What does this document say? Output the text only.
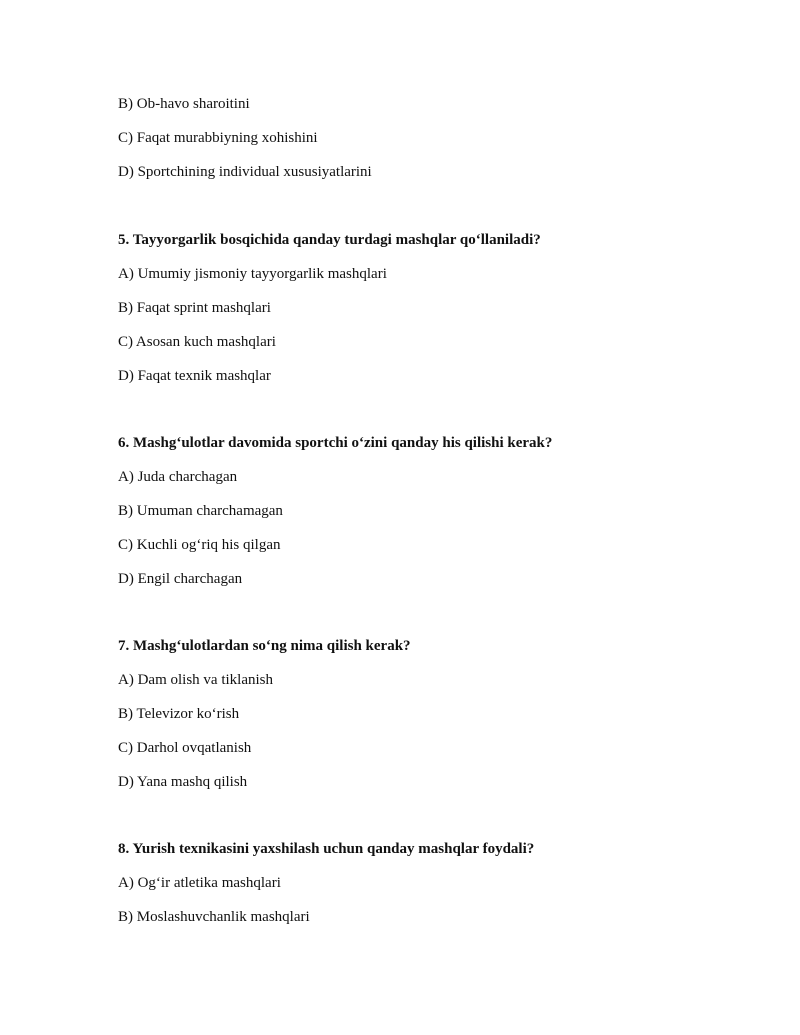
B) Ob-havo sharoitini
C) Faqat murabbiyning xohishini
D) Sportchining individual xususiyatlarini
5. Tayyorgarlik bosqichida qanday turdagi mashqlar qo‘llaniladi?
A) Umumiy jismoniy tayyorgarlik mashqlari
B) Faqat sprint mashqlari
C) Asosan kuch mashqlari
D) Faqat texnik mashqlar
6. Mashg‘ulotlar davomida sportchi o‘zini qanday his qilishi kerak?
A) Juda charchagan
B) Umuman charchamagan
C) Kuchli og‘riq his qilgan
D) Engil charchagan
7. Mashg‘ulotlardan so‘ng nima qilish kerak?
A) Dam olish va tiklanish
B) Televizor ko‘rish
C) Darhol ovqatlanish
D) Yana mashq qilish
8. Yurish texnikasini yaxshilash uchun qanday mashqlar foydali?
A) Og‘ir atletika mashqlari
B) Moslashuvchanlik mashqlari
